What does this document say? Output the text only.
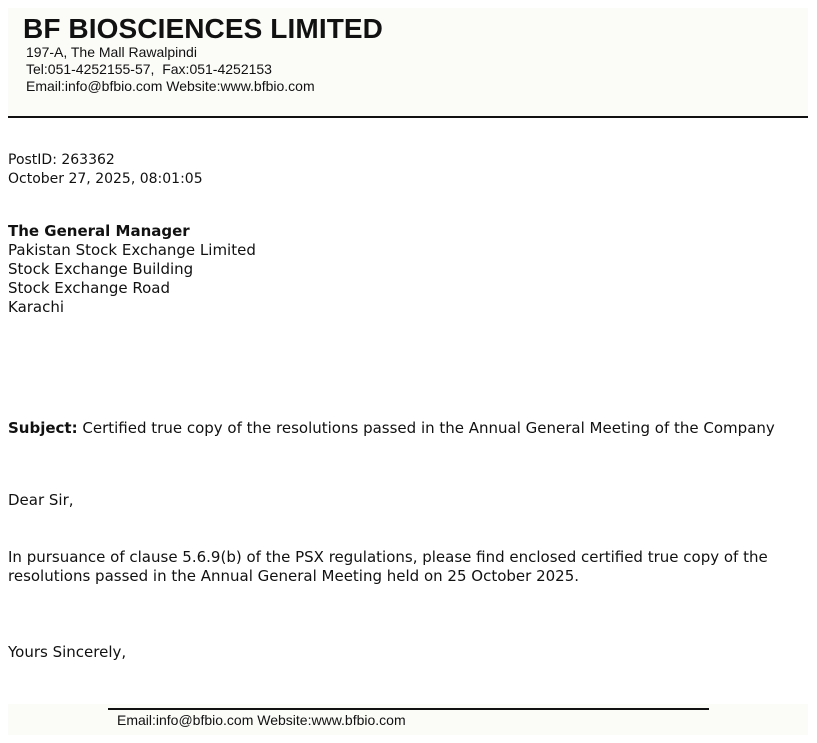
BF BIOSCIENCES LIMITED
197-A, The Mall Rawalpindi
Tel:051-4252155-57,  Fax:051-4252153
Email:info@bfbio.com Website:www.bfbio.com
PostID: 263362
October 27, 2025, 08:01:05
The General Manager
Pakistan Stock Exchange Limited
Stock Exchange Building
Stock Exchange Road
Karachi
Subject: Certified true copy of the resolutions passed in the Annual General Meeting of the Company
Dear Sir,
In pursuance of clause 5.6.9(b) of the PSX regulations, please find enclosed certified true copy of the resolutions passed in the Annual General Meeting held on 25 October 2025.
Yours Sincerely,
Email:info@bfbio.com Website:www.bfbio.com
